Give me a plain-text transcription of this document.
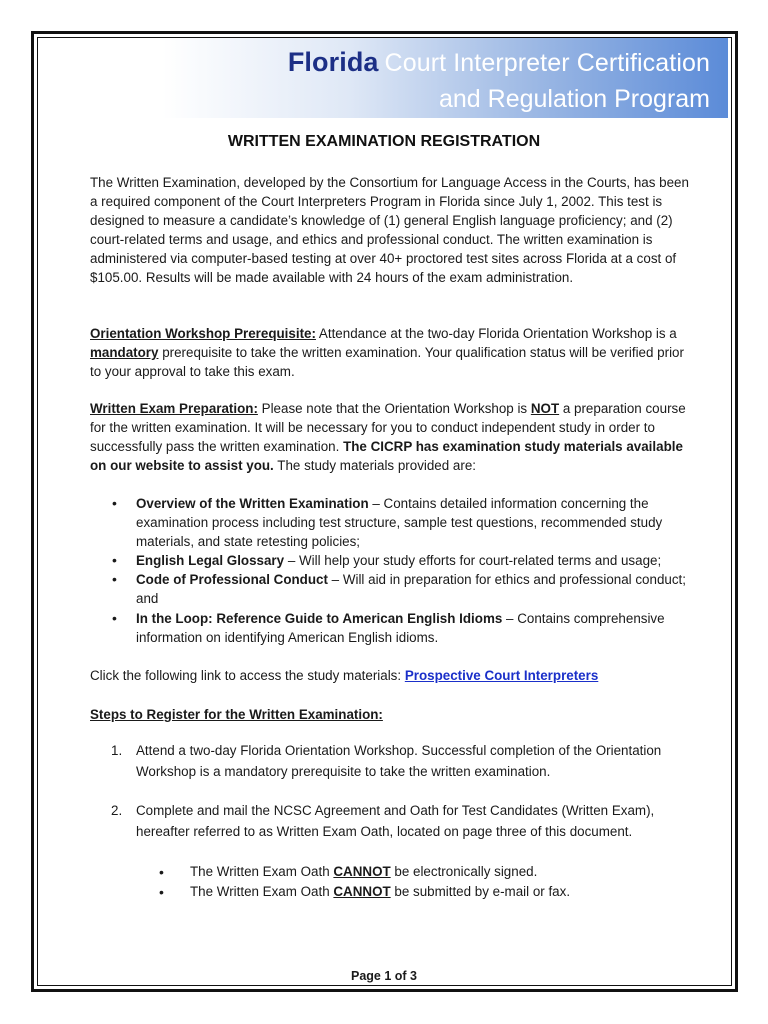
Florida Court Interpreter Certification
and Regulation Program
WRITTEN EXAMINATION REGISTRATION

The Written Examination, developed by the Consortium for Language Access in the Courts, has been a required component of the Court Interpreters Program in Florida since July 1, 2002. This test is designed to measure a candidate’s knowledge of (1) general English language proficiency; and (2) court-related terms and usage, and ethics and professional conduct. The written examination is administered via computer-based testing at over 40+ proctored test sites across Florida at a cost of $105.00. Results will be made available with 24 hours of the exam administration.

Orientation Workshop Prerequisite: Attendance at the two-day Florida Orientation Workshop is a mandatory prerequisite to take the written examination. Your qualification status will be verified prior to your approval to take this exam.

Written Exam Preparation: Please note that the Orientation Workshop is NOT a preparation course for the written examination. It will be necessary for you to conduct independent study in order to successfully pass the written examination. The CICRP has examination study materials available on our website to assist you. The study materials provided are:

• Overview of the Written Examination – Contains detailed information concerning the examination process including test structure, sample test questions, recommended study materials, and state retesting policies;
• English Legal Glossary – Will help your study efforts for court-related terms and usage;
• Code of Professional Conduct – Will aid in preparation for ethics and professional conduct; and
• In the Loop: Reference Guide to American English Idioms – Contains comprehensive information on identifying American English idioms.

Click the following link to access the study materials: Prospective Court Interpreters

Steps to Register for the Written Examination:

1. Attend a two-day Florida Orientation Workshop. Successful completion of the Orientation Workshop is a mandatory prerequisite to take the written examination.
2. Complete and mail the NCSC Agreement and Oath for Test Candidates (Written Exam), hereafter referred to as Written Exam Oath, located on page three of this document.
• The Written Exam Oath CANNOT be electronically signed.
• The Written Exam Oath CANNOT be submitted by e-mail or fax.
Page 1 of 3
